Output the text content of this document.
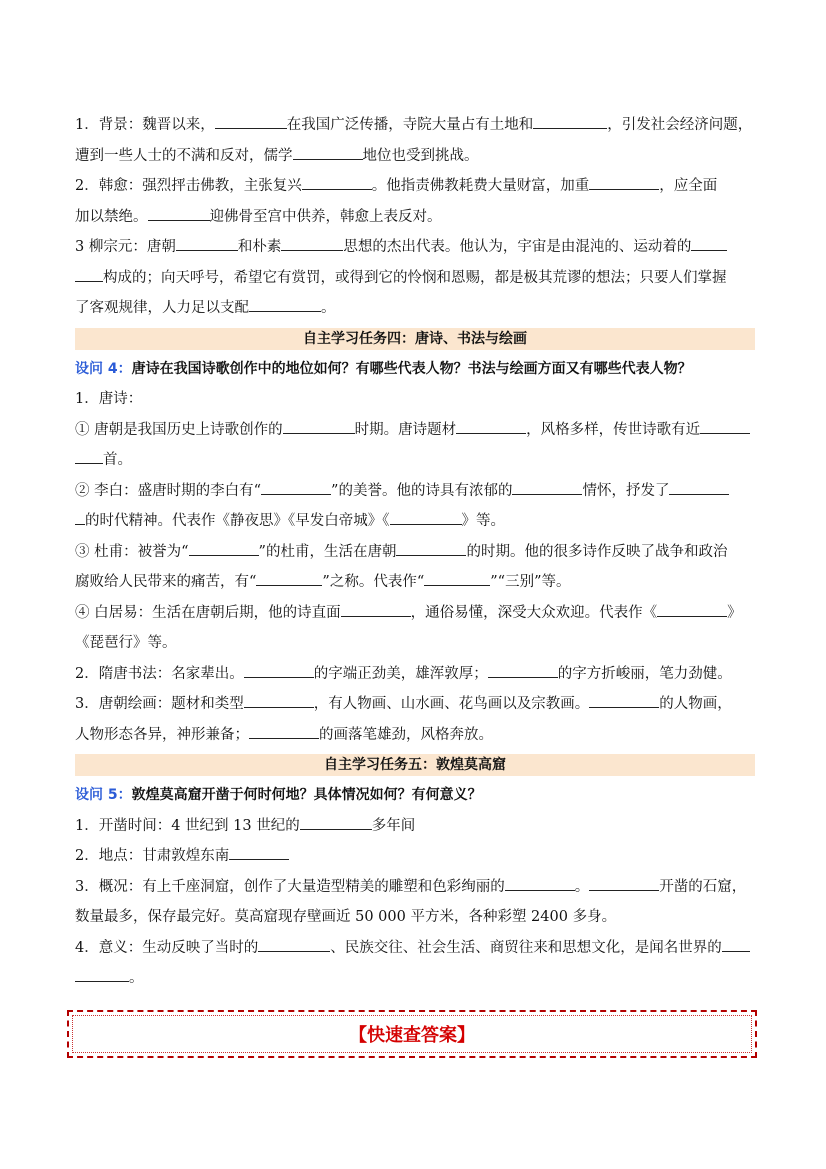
1．背景：魏晋以来，	在我国广泛传播，寺院大量占有土地和	，引发社会经济问题，
遭到一些人士的不满和反对，儒学	地位也受到挑战。
2．韩愈：强烈抨击佛教，主张复兴	。他指责佛教耗费大量财富，加重	，应全面
加以禁绝。	迎佛骨至宫中供养，韩愈上表反对。
3 柳宗元：唐朝	和朴素	思想的杰出代表。他认为，宇宙是由混沌的、运动着的
构成的；向天呼号，希望它有赏罚，或得到它的怜悯和恩赐，都是极其荒谬的想法；只要人们掌握
了客观规律，人力足以支配	。
自主学习任务四：唐诗、书法与绘画
设问 4：唐诗在我国诗歌创作中的地位如何？有哪些代表人物？书法与绘画方面又有哪些代表人物？
1．唐诗：
① 唐朝是我国历史上诗歌创作的	时期。唐诗题材	，风格多样，传世诗歌有近
首。
② 李白：盛唐时期的李白有“	”的美誉。他的诗具有浓郁的	情怀，抒发了
的时代精神。代表作《静夜思》《早发白帝城》《	》等。
③ 杜甫：被誉为“	”的杜甫，生活在唐朝	的时期。他的很多诗作反映了战争和政治
腐败给人民带来的痛苦，有“	”之称。代表作“	”“三别”等。
④ 白居易：生活在唐朝后期，他的诗直面	，通俗易懂，深受大众欢迎。代表作《	》
《琵琶行》等。
2．隋唐书法：名家辈出。	的字端正劲美，雄浑敦厚；	的字方折峻丽，笔力劲健。
3．唐朝绘画：题材和类型	，有人物画、山水画、花鸟画以及宗教画。	的人物画，
人物形态各异，神形兼备；	的画落笔雄劲，风格奔放。
自主学习任务五：敦煌莫高窟
设问 5：敦煌莫高窟开凿于何时何地？具体情况如何？有何意义？
1．开凿时间：4 世纪到 13 世纪的	多年间
2．地点：甘肃敦煌东南
3．概况：有上千座洞窟，创作了大量造型精美的雕塑和色彩绚丽的	。	开凿的石窟，
数量最多，保存最完好。莫高窟现存壁画近 50 000 平方米，各种彩塑 2400 多身。
4．意义：生动反映了当时的	、民族交往、社会生活、商贸往来和思想文化，是闻名世界的
。
【快速查答案】
